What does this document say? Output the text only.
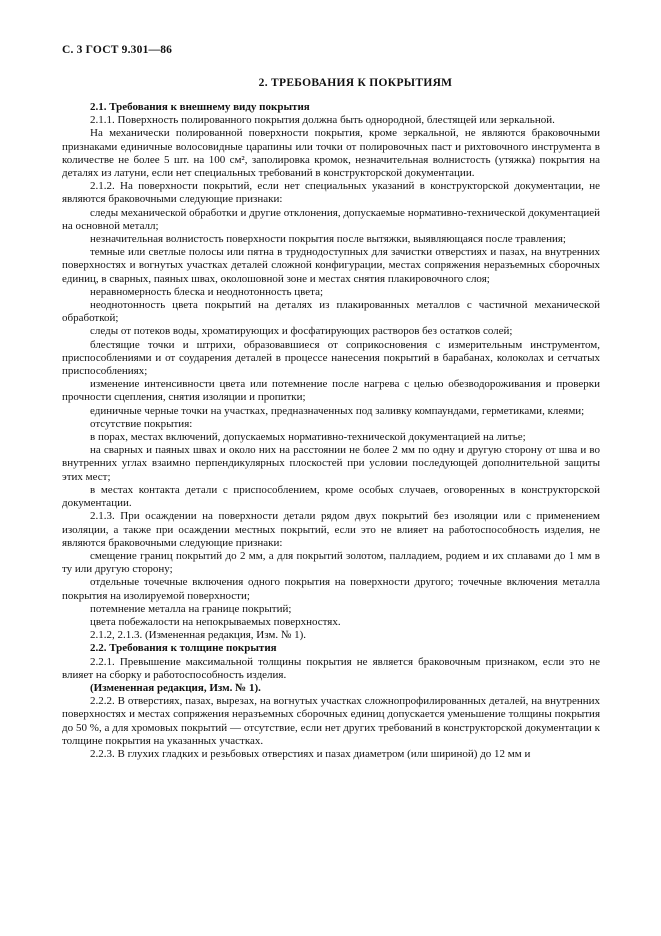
С. 3 ГОСТ 9.301—86
2. ТРЕБОВАНИЯ К ПОКРЫТИЯМ

2.1. Требования к внешнему виду покрытия

2.1.1. Поверхность полированного покрытия должна быть однородной, блестящей или зеркальной.

На механически полированной поверхности покрытия, кроме зеркальной, не являются браковочными признаками единичные волосовидные царапины или точки от полировочных паст и рихтовочного инструмента в количестве не более 5 шт. на 100 см², заполировка кромок, незначительная волнистость (утяжка) покрытия на деталях из латуни, если нет специальных требований в конструкторской документации.

2.1.2. На поверхности покрытий, если нет специальных указаний в конструкторской документации, не являются браковочными следующие признаки:

следы механической обработки и другие отклонения, допускаемые нормативно-технической документацией на основной металл;

незначительная волнистость поверхности покрытия после вытяжки, выявляющаяся после травления;

темные или светлые полосы или пятна в труднодоступных для зачистки отверстиях и пазах, на внутренних поверхностях и вогнутых участках деталей сложной конфигурации, местах сопряжения неразъемных сборочных единиц, в сварных, паяных швах, околошовной зоне и местах снятия плакировочного слоя;

неравномерность блеска и неоднотонность цвета;

неоднотонность цвета покрытий на деталях из плакированных металлов с частичной механической обработкой;

следы от потеков воды, хроматирующих и фосфатирующих растворов без остатков солей;

блестящие точки и штрихи, образовавшиеся от соприкосновения с измерительным инструментом, приспособлениями и от соударения деталей в процессе нанесения покрытий в барабанах, колоколах и сетчатых приспособлениях;

изменение интенсивности цвета или потемнение после нагрева с целью обезводороживания и проверки прочности сцепления, снятия изоляции и пропитки;

единичные черные точки на участках, предназначенных под заливку компаундами, герметиками, клеями;

отсутствие покрытия:

в порах, местах включений, допускаемых нормативно-технической документацией на литье;

на сварных и паяных швах и около них на расстоянии не более 2 мм по одну и другую сторону от шва и во внутренних углах взаимно перпендикулярных плоскостей при условии последующей дополнительной защиты этих мест;

в местах контакта детали с приспособлением, кроме особых случаев, оговоренных в конструкторской документации.

2.1.3. При осаждении на поверхности детали рядом двух покрытий без изоляции или с применением изоляции, а также при осаждении местных покрытий, если это не влияет на работоспособность изделия, не являются браковочными следующие признаки:

смещение границ покрытий до 2 мм, а для покрытий золотом, палладием, родием и их сплавами до 1 мм в ту или другую сторону;

отдельные точечные включения одного покрытия на поверхности другого; точечные включения металла покрытия на изолируемой поверхности;

потемнение металла на границе покрытий;

цвета побежалости на непокрываемых поверхностях.

2.1.2, 2.1.3. (Измененная редакция, Изм. № 1).

2.2. Требования к толщине покрытия

2.2.1. Превышение максимальной толщины покрытия не является браковочным признаком, если это не влияет на сборку и работоспособность изделия.

(Измененная редакция, Изм. № 1).

2.2.2. В отверстиях, пазах, вырезах, на вогнутых участках сложнопрофилированных деталей, на внутренних поверхностях и местах сопряжения неразъемных сборочных единиц допускается уменьшение толщины покрытия до 50 %, а для хромовых покрытий — отсутствие, если нет других требований в конструкторской документации к толщине покрытия на указанных участках.

2.2.3. В глухих гладких и резьбовых отверстиях и пазах диаметром (или шириной) до 12 мм и
